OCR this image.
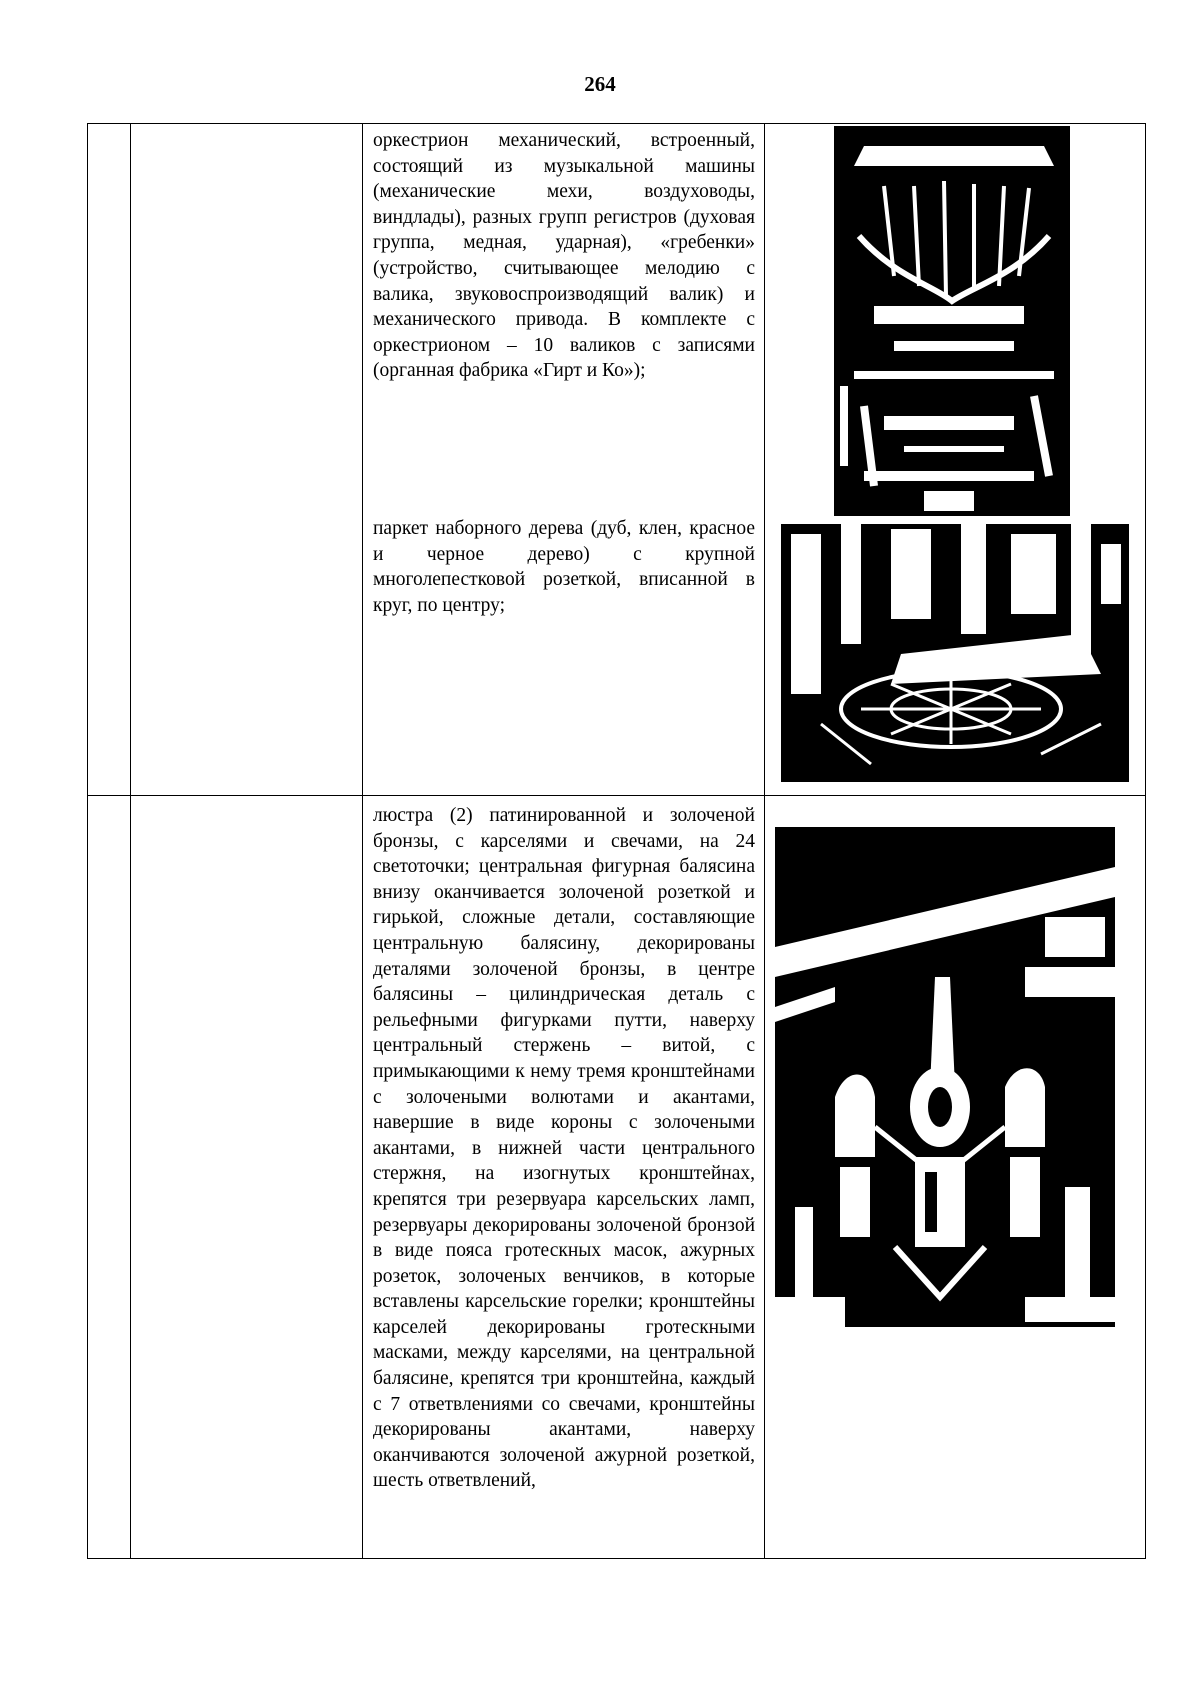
264

оркестрион механический, встроенный, состоящий из музыкальной машины (механические мехи, воздуховоды, виндлады), разных групп регистров (духовая группа, медная, ударная), «гребенки» (устройство, считывающее мелодию с валика, звуковоспроизводящий валик) и механического привода. В комплекте с оркестрионом – 10 валиков с записями (органная фабрика «Гирт и Ко»);

паркет наборного дерева (дуб, клен, красное и черное дерево) с крупной многолепестковой розеткой, вписанной в круг, по центру;

люстра (2) патинированной и золоченой бронзы, с карселями и свечами, на 24 светоточки; центральная фигурная балясина внизу оканчивается золоченой розеткой и гирькой, сложные детали, составляющие центральную балясину, декорированы деталями золоченой бронзы, в центре балясины – цилиндрическая деталь с рельефными фигурками путти, наверху центральный стержень – витой, с примыкающими к нему тремя кронштейнами с золочеными волютами и акантами, навершие в виде короны с золочеными акантами, в нижней части центрального стержня, на изогнутых кронштейнах, крепятся три резервуара карсельских ламп, резервуары декорированы золоченой бронзой в виде пояса гротескных масок, ажурных розеток, золоченых венчиков, в которые вставлены карсельские горелки; кронштейны карселей декорированы гротескными масками, между карселями, на центральной балясине, крепятся три кронштейна, каждый с 7 ответвлениями со свечами, кронштейны декорированы акантами, наверху оканчиваются золоченой ажурной розеткой, шесть ответвлений,
